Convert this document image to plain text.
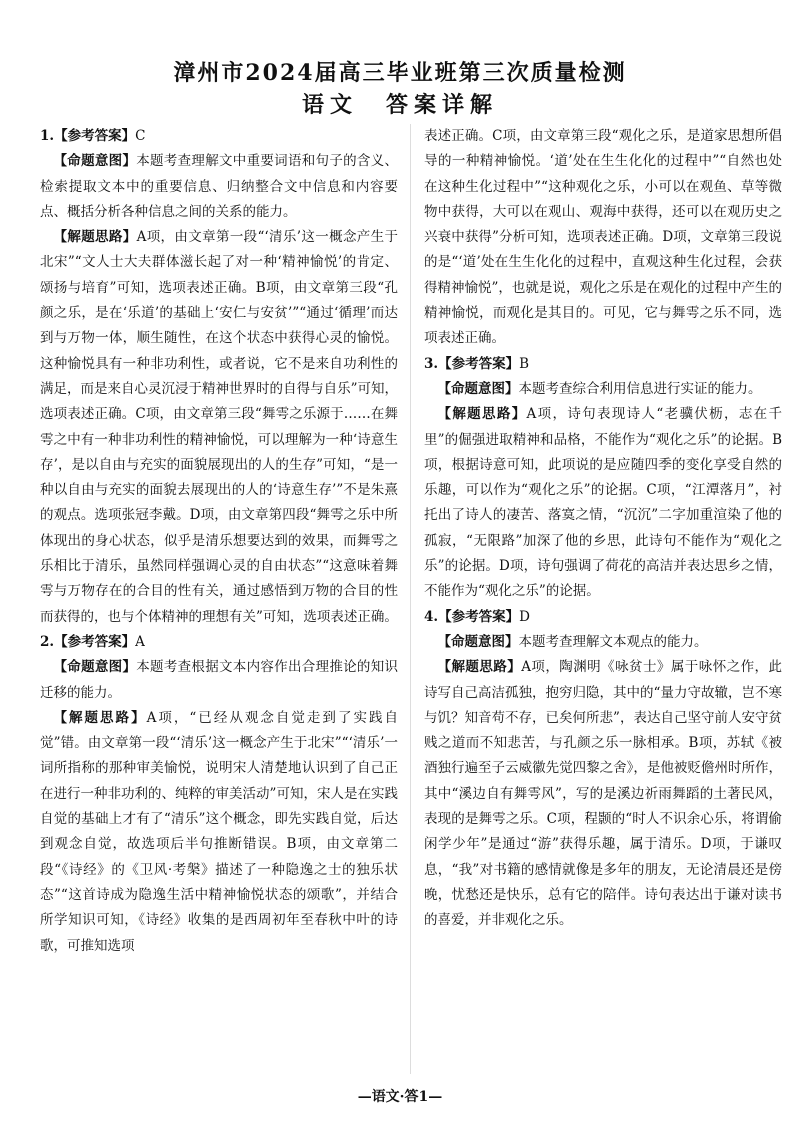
漳州市2024届高三毕业班第三次质量检测
语文　答案详解

1.【参考答案】C

【命题意图】本题考查理解文中重要词语和句子的含义、检索提取文本中的重要信息、归纳整合文中信息和内容要点、概括分析各种信息之间的关系的能力。

【解题思路】A项，由文章第一段“‘清乐’这一概念产生于北宋”“文人士大夫群体滋长起了对一种‘精神愉悦’的肯定、颂扬与培育”可知，选项表述正确。B项，由文章第三段“孔颜之乐，是在‘乐道’的基础上‘安仁与安贫’”“通过‘循理’而达到与万物一体，顺生随性，在这个状态中获得心灵的愉悦。这种愉悦具有一种非功利性，或者说，它不是来自功利性的满足，而是来自心灵沉浸于精神世界时的自得与自乐”可知，选项表述正确。C项，由文章第三段“舞雩之乐源于……在舞雩之中有一种非功利性的精神愉悦，可以理解为一种‘诗意生存’，是以自由与充实的面貌展现出的人的生存”可知，“是一种以自由与充实的面貌去展现出的人的‘诗意生存’”不是朱熹的观点。选项张冠李戴。D项，由文章第四段“舞雩之乐中所体现出的身心状态，似乎是清乐想要达到的效果，而舞雩之乐相比于清乐，虽然同样强调心灵的自由状态”“这意味着舞雩与万物存在的合目的性有关，通过感悟到万物的合目的性而获得的，也与个体精神的理想有关”可知，选项表述正确。

2.【参考答案】A

【命题意图】本题考查根据文本内容作出合理推论的知识迁移的能力。

【解题思路】A项，“已经从观念自觉走到了实践自觉”错。由文章第一段“‘清乐’这一概念产生于北宋”“‘清乐’一词所指称的那种审美愉悦，说明宋人清楚地认识到了自己正在进行一种非功利的、纯粹的审美活动”可知，宋人是在实践自觉的基础上才有了“清乐”这个概念，即先实践自觉，后达到观念自觉，故选项后半句推断错误。B项，由文章第二段“《诗经》的《卫风·考槃》描述了一种隐逸之士的独乐状态”“这首诗成为隐逸生活中精神愉悦状态的颂歌”，并结合所学知识可知，《诗经》收集的是西周初年至春秋中叶的诗歌，可推知选项

表述正确。C项，由文章第三段“观化之乐，是道家思想所倡导的一种精神愉悦。‘道’处在生生化化的过程中”“自然也处在这种生化过程中”“这种观化之乐，小可以在观鱼、草等微物中获得，大可以在观山、观海中获得，还可以在观历史之兴衰中获得”分析可知，选项表述正确。D项，文章第三段说的是“‘道’处在生生化化的过程中，直观这种生化过程，会获得精神愉悦”，也就是说，观化之乐是在观化的过程中产生的精神愉悦，而观化是其目的。可见，它与舞雩之乐不同，选项表述正确。

3.【参考答案】B

【命题意图】本题考查综合利用信息进行实证的能力。

【解题思路】A项，诗句表现诗人“老骥伏枥，志在千里”的倔强进取精神和品格，不能作为“观化之乐”的论据。B项，根据诗意可知，此项说的是应随四季的变化享受自然的乐趣，可以作为“观化之乐”的论据。C项，“江潭落月”，衬托出了诗人的凄苦、落寞之情，“沉沉”二字加重渲染了他的孤寂，“无限路”加深了他的乡思，此诗句不能作为“观化之乐”的论据。D项，诗句强调了荷花的高洁并表达思乡之情，不能作为“观化之乐”的论据。

4.【参考答案】D

【命题意图】本题考查理解文本观点的能力。

【解题思路】A项，陶渊明《咏贫士》属于咏怀之作，此诗写自己高洁孤独，抱穷归隐，其中的“量力守故辙，岂不寒与饥？知音苟不存，已矣何所悲”，表达自己坚守前人安守贫贱之道而不知悲苦，与孔颜之乐一脉相承。B项，苏轼《被酒独行遍至子云威徽先觉四黎之舍》，是他被贬儋州时所作，其中“溪边自有舞雩风”，写的是溪边祈雨舞蹈的土著民风，表现的是舞雩之乐。C项，程颢的“时人不识余心乐，将谓偷闲学少年”是通过“游”获得乐趣，属于清乐。D项，于谦叹息，“我”对书籍的感情就像是多年的朋友，无论清晨还是傍晚，忧愁还是快乐，总有它的陪伴。诗句表达出于谦对读书的喜爱，并非观化之乐。

—语文·答1—
